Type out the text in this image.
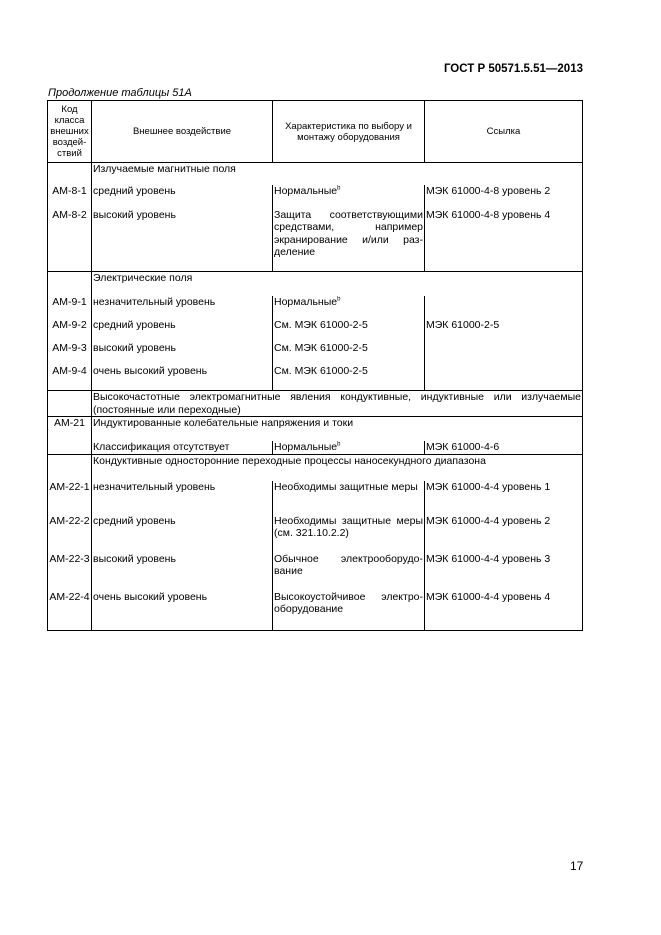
ГОСТ Р 50571.5.51—2013
Продолжение таблицы 51А
Код класса внешних воздействий	Внешнее воздействие	Характеристика по выбору и монтажу оборудования	Ссылка
	Излучаемые магнитные поля		
АМ-8-1	средний уровень	Нормальные$^b$	МЭК 61000-4-8 уровень 2
АМ-8-2	высокий уровень	Защита соответствующими средствами, например экранирование и/или разделение	МЭК 61000-4-8 уровень 4
	Электрические поля		
АМ-9-1	незначительный уровень	Нормальные$^b$	
АМ-9-2	средний уровень	См. МЭК 61000-2-5	МЭК 61000-2-5
АМ-9-3	высокий уровень	См. МЭК 61000-2-5	
АМ-9-4	очень высокий уровень	См. МЭК 61000-2-5	
	Высокочастотные электромагнитные явления кондуктивные, индуктивные или излучаемые (постоянные или переходные)		
АМ-21	Индуктированные колебательные напряжения и токи		
	Классификация отсутствует	Нормальные$^b$	МЭК 61000-4-6
	Кондуктивные односторонние переходные процессы наносекундного диапазона		
АМ-22-1	незначительный уровень	Необходимы защитные меры	МЭК 61000-4-4 уровень 1
АМ-22-2	средний уровень	Необходимы защитные меры (см. 321.10.2.2)	МЭК 61000-4-4 уровень 2
АМ-22-3	высокий уровень	Обычное электрооборудование	МЭК 61000-4-4 уровень 3
АМ-22-4	очень высокий уровень	Высокоустойчивое электрооборудование	МЭК 61000-4-4 уровень 4
17
